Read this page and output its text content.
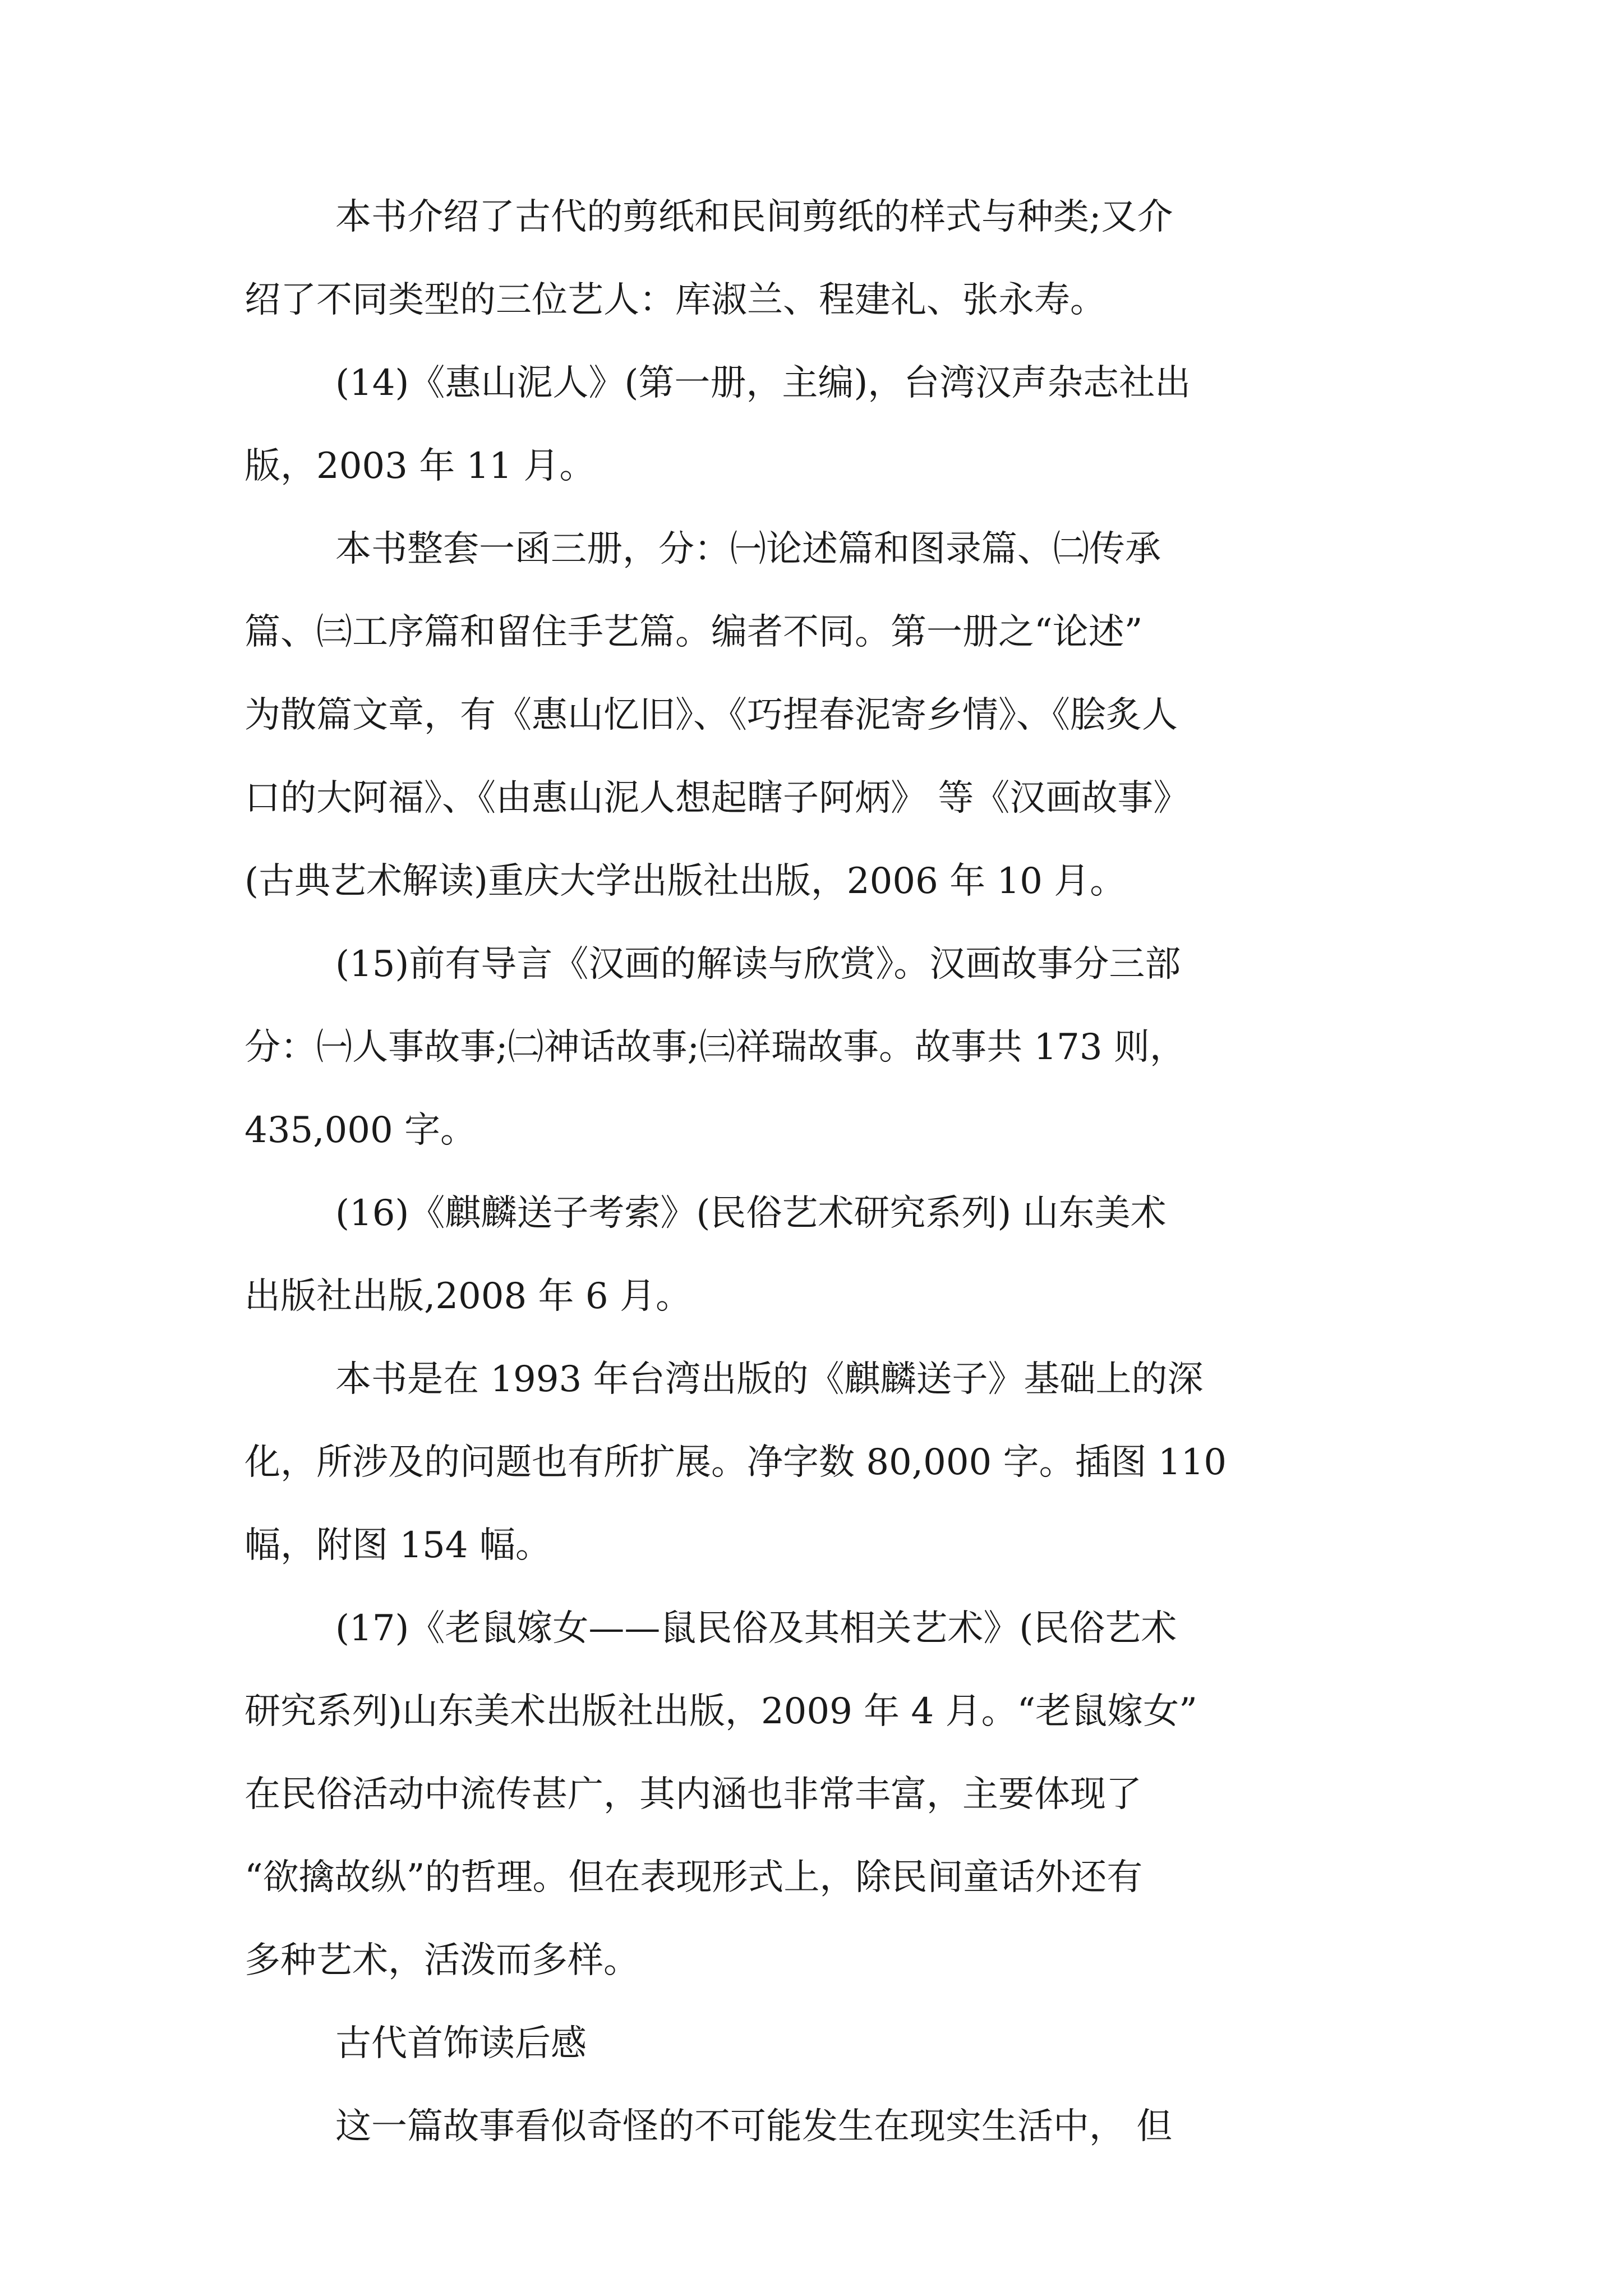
本书介绍了古代的剪纸和民间剪纸的样式与种类;又介
绍了不同类型的三位艺人：库淑兰、程建礼、张永寿。
(14)《惠山泥人》(第一册，主编)，台湾汉声杂志社出
版，2003 年 11 月。
本书整套一函三册，分：㈠论述篇和图录篇、㈡传承
篇、㈢工序篇和留住手艺篇。编者不同。第一册之“论述”
为散篇文章，有《惠山忆旧》、《巧捏春泥寄乡情》、《脍炙人
口的大阿福》、《由惠山泥人想起瞎子阿炳》 等《汉画故事》
(古典艺术解读)重庆大学出版社出版，2006 年 10 月。
(15)前有导言《汉画的解读与欣赏》。汉画故事分三部
分：㈠人事故事;㈡神话故事;㈢祥瑞故事。故事共 173 则，
435,000 字。
(16)《麒麟送子考索》(民俗艺术研究系列) 山东美术
出版社出版,2008 年 6 月。
本书是在 1993 年台湾出版的《麒麟送子》基础上的深
化，所涉及的问题也有所扩展。净字数 80,000 字。插图 110
幅，附图 154 幅。
(17)《老鼠嫁女——鼠民俗及其相关艺术》(民俗艺术
研究系列)山东美术出版社出版，2009 年 4 月。“老鼠嫁女”
在民俗活动中流传甚广，其内涵也非常丰富，主要体现了
“欲擒故纵”的哲理。但在表现形式上，除民间童话外还有
多种艺术，活泼而多样。
古代首饰读后感
这一篇故事看似奇怪的不可能发生在现实生活中， 但
